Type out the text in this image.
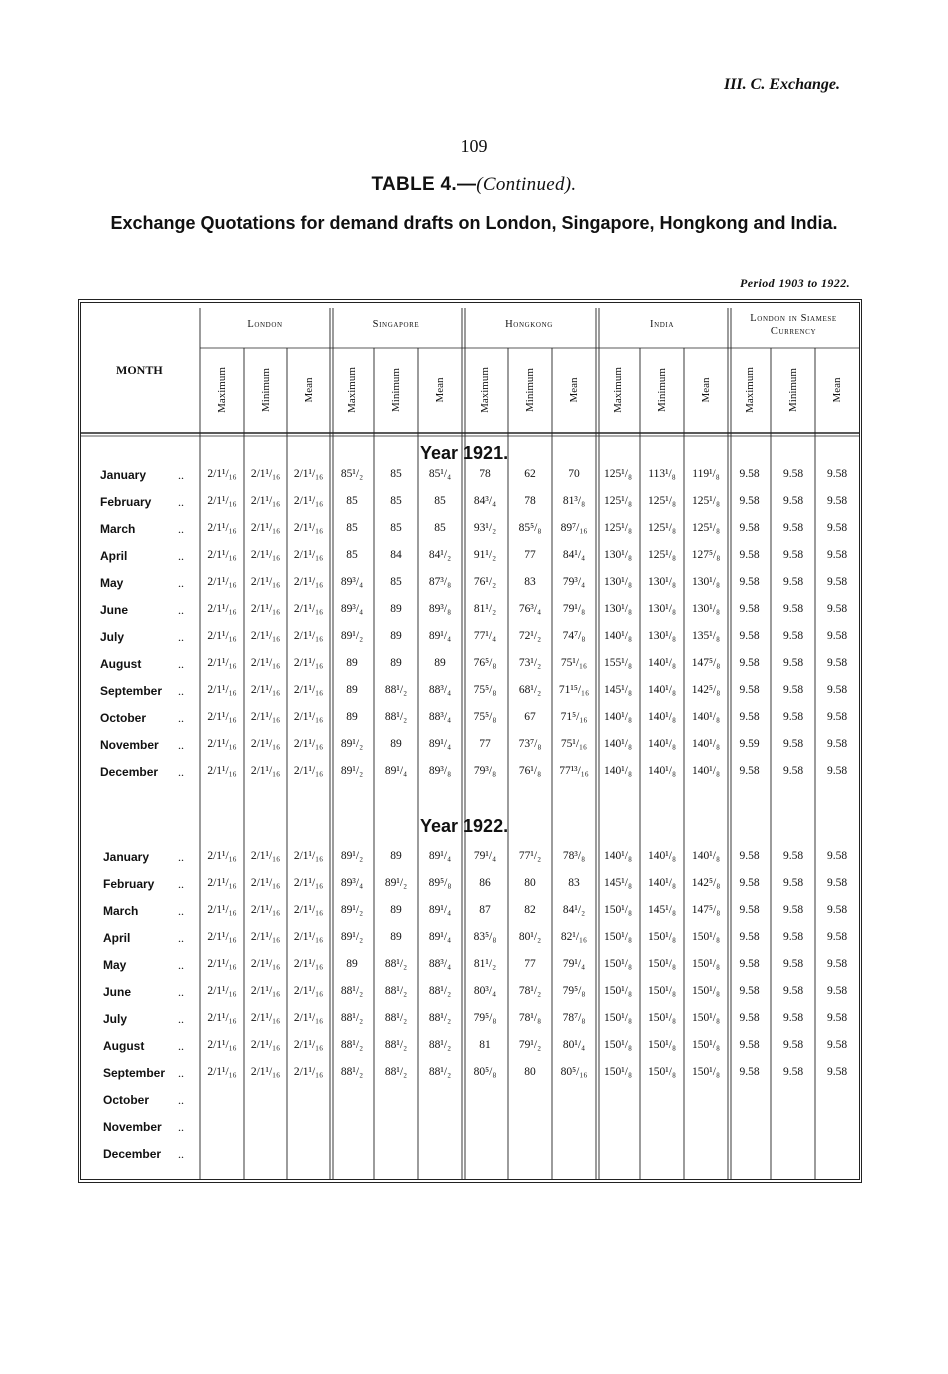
III. C. Exchange.
109
TABLE 4.—(Continued).
Exchange Quotations for demand drafts on London, Singapore, Hongkong and India.
Period 1903 to 1922.
MONTH
London	Singapore	Hongkong	India
London in Siamese Currency
Maximum	Minimum	Mean	Maximum	Minimum	Mean	Maximum	Minimum	Mean	Maximum	Minimum	Mean	Maximum	Minimum	Mean
Year 1921.
January	..	2/1¹/₁₆	2/1¹/₁₆	2/1¹/₁₆	85¹/₂	85	85¹/₄	78	62	70	125¹/₈	113¹/₈	119¹/₈	9.58	9.58	9.58
February ..	2/1¹/₁₆	2/1¹/₁₆	2/1¹/₁₆	85	85	85	84³/₄	78	81³/₈	125¹/₈	125¹/₈	125¹/₈	9.58	9.58	9.58
March	..	2/1¹/₁₆	2/1¹/₁₆	2/1¹/₁₆	85	85	85	93¹/₂	85⁵/₈	89⁷/₁₆	125¹/₈	125¹/₈	125¹/₈	9.58	9.58	9.58
April	..	2/1¹/₁₆	2/1¹/₁₆	2/1¹/₁₆	85	84	84¹/₂	91¹/₂	77	84¹/₄	130¹/₈	125¹/₈	127⁵/₈	9.58	9.58	9.58
May	..	2/1¹/₁₆	2/1¹/₁₆	2/1¹/₁₆	89³/₄	85	87³/₈	76¹/₂	83	79³/₄	130¹/₈	130¹/₈	130¹/₈	9.58	9.58	9.58
June	..	2/1¹/₁₆	2/1¹/₁₆	2/1¹/₁₆	89³/₄	89	89³/₈	81¹/₂	76³/₄	79¹/₈	130¹/₈	130¹/₈	130¹/₈	9.58	9.58	9.58
July	..	2/1¹/₁₆	2/1¹/₁₆	2/1¹/₁₆	89¹/₂	89	89¹/₄	77¹/₄	72¹/₂	74⁷/₈	140¹/₈	130¹/₈	135¹/₈	9.58	9.58	9.58
August	..	2/1¹/₁₆	2/1¹/₁₆	2/1¹/₁₆	89	89	89	76⁵/₈	73¹/₂	75¹/₁₆	155¹/₈	140¹/₈	147⁵/₈	9.58	9.58	9.58
September ..	2/1¹/₁₆	2/1¹/₁₆	2/1¹/₁₆	89	88¹/₂	88³/₄	75⁵/₈	68¹/₂	71¹⁵/₁₆	145¹/₈	140¹/₈	142⁵/₈	9.58	9.58	9.58
October	..	2/1¹/₁₆	2/1¹/₁₆	2/1¹/₁₆	89	88¹/₂	88³/₄	75⁵/₈	67	71⁵/₁₆	140¹/₈	140¹/₈	140¹/₈	9.58	9.58	9.58
November ..	2/1¹/₁₆	2/1¹/₁₆	2/1¹/₁₆	89¹/₂	89	89¹/₄	77	73⁷/₈	75¹/₁₆	140¹/₈	140¹/₈	140¹/₈	9.59	9.58	9.58
December ..	2/1¹/₁₆	2/1¹/₁₆	2/1¹/₁₆	89¹/₂	89¹/₄	89³/₈	79³/₈	76¹/₈	77¹³/₁₆	140¹/₈	140¹/₈	140¹/₈	9.58	9.58	9.58
Year 1922.
January ..	2/1¹/₁₆	2/1¹/₁₆	2/1¹/₁₆	89¹/₂	89	89¹/₄	79¹/₄	77¹/₂	78³/₈	140¹/₈	140¹/₈	140¹/₈	9.58	9.58	9.58
February ..	2/1¹/₁₆	2/1¹/₁₆	2/1¹/₁₆	89³/₄	89¹/₂	89⁵/₈	86	80	83	145¹/₈	140¹/₈	142⁵/₈	9.58	9.58	9.58
March	..	2/1¹/₁₆	2/1¹/₁₆	2/1¹/₁₆	89¹/₂	89	89¹/₄	87	82	84¹/₂	150¹/₈	145¹/₈	147⁵/₈	9.58	9.58	9.58
April	..	2/1¹/₁₆	2/1¹/₁₆	2/1¹/₁₆	89¹/₂	89	89¹/₄	83⁵/₈	80¹/₂	82¹/₁₆	150¹/₈	150¹/₈	150¹/₈	9.58	9.58	9.58
May	..	2/1¹/₁₆	2/1¹/₁₆	2/1¹/₁₆	89	88¹/₂	88³/₄	81¹/₂	77	79¹/₄	150¹/₈	150¹/₈	150¹/₈	9.58	9.58	9.58
June	..	2/1¹/₁₆	2/1¹/₁₆	2/1¹/₁₆	88¹/₂	88¹/₂	88¹/₂	80³/₄	78¹/₂	79⁵/₈	150¹/₈	150¹/₈	150¹/₈	9.58	9.58	9.58
July	..	2/1¹/₁₆	2/1¹/₁₆	2/1¹/₁₆	88¹/₂	88¹/₂	88¹/₂	79⁵/₈	78¹/₈	78⁷/₈	150¹/₈	150¹/₈	150¹/₈	9.58	9.58	9.58
August	..	2/1¹/₁₆	2/1¹/₁₆	2/1¹/₁₆	88¹/₂	88¹/₂	88¹/₂	81	79¹/₂	80¹/₄	150¹/₈	150¹/₈	150¹/₈	9.58	9.58	9.58
September ..	2/1¹/₁₆	2/1¹/₁₆	2/1¹/₁₆	88¹/₂	88¹/₂	88¹/₂	80⁵/₈	80	80⁵/₁₆	150¹/₈	150¹/₈	150¹/₈	9.58	9.58	9.58
October ..
November ..
December ..
